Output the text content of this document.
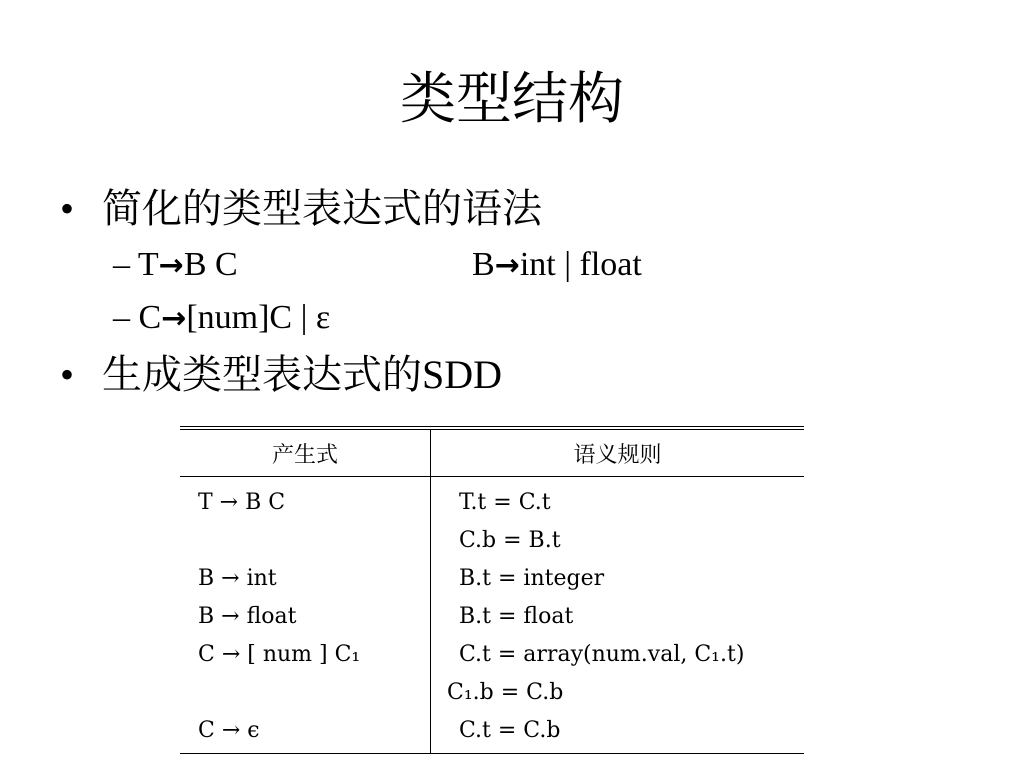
类型结构
• 简化的类型表达式的语法
– T→B C	B→int | float
– C→[num]C | ε
• 生成类型表达式的SDD
产生式	语义规则
T → B C	T.t = C.t
	C.b = B.t
B → int	B.t = integer
B → float	B.t = float
C → [ num ] C₁	C.t = array(num.val, C₁.t)
	C₁.b = C.b
C → ϵ	C.t = C.b
